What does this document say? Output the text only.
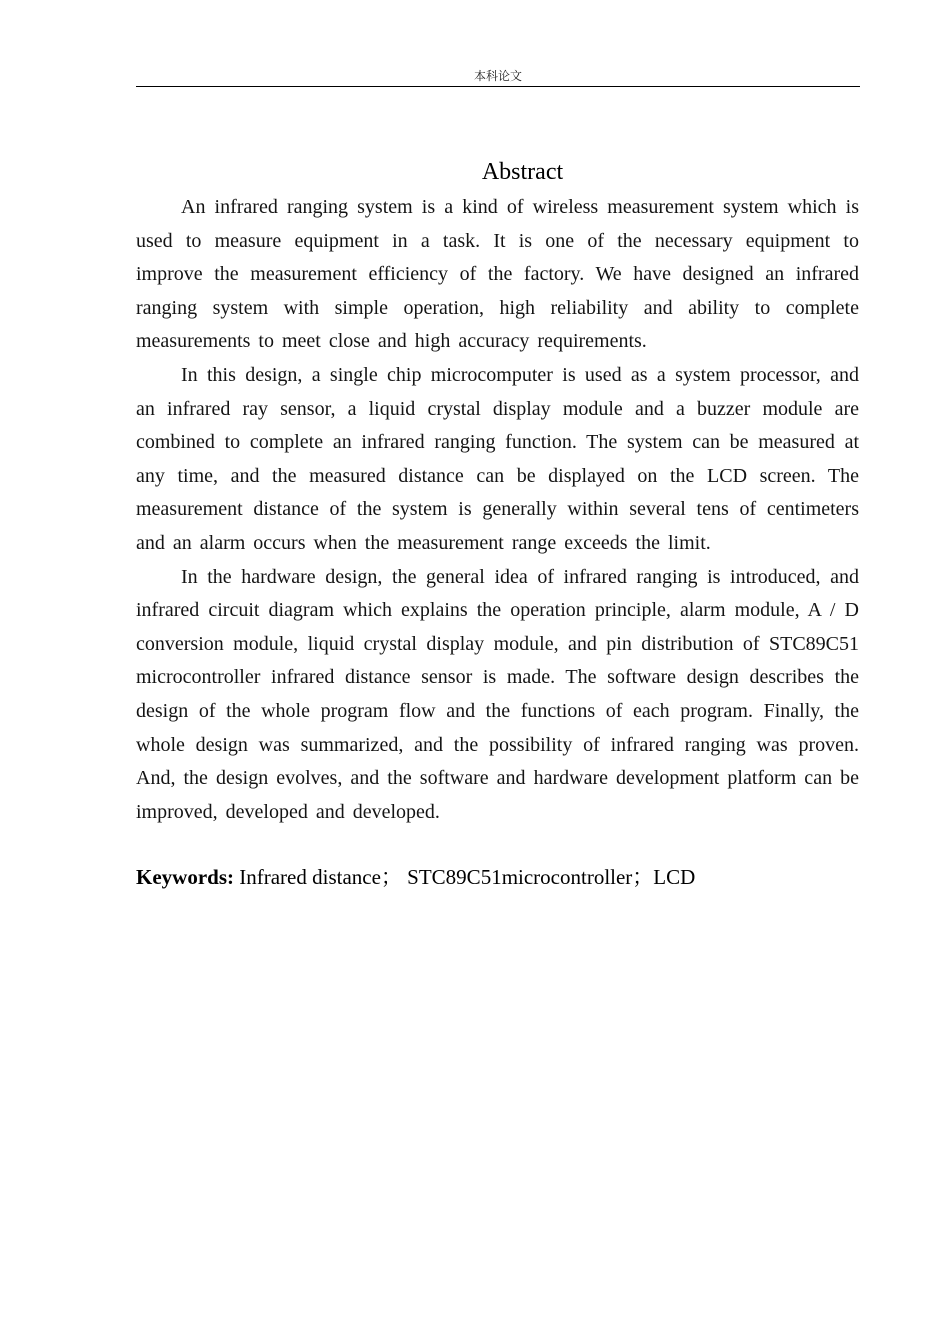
本科论文
Abstract

An infrared ranging system is a kind of wireless measurement system which is used to measure equipment in a task. It is one of the necessary equipment to improve the measurement efficiency of the factory. We have designed an infrared ranging system with simple operation, high reliability and ability to complete measurements to meet close and high accuracy requirements.

In this design, a single chip microcomputer is used as a system processor, and an infrared ray sensor, a liquid crystal display module and a buzzer module are combined to complete an infrared ranging function. The system can be measured at any time, and the measured distance can be displayed on the LCD screen. The measurement distance of the system is generally within several tens of centimeters and an alarm occurs when the measurement range exceeds the limit.

In the hardware design, the general idea of infrared ranging is introduced, and infrared circuit diagram which explains the operation principle, alarm module, A / D conversion module, liquid crystal display module, and pin distribution of STC89C51 microcontroller infrared distance sensor is made. The software design describes the design of the whole program flow and the functions of each program. Finally, the whole design was summarized, and the possibility of infrared ranging was proven. And, the design evolves, and the software and hardware development platform can be improved, developed and developed.

Keywords: Infrared distance； STC89C51microcontroller；LCD
